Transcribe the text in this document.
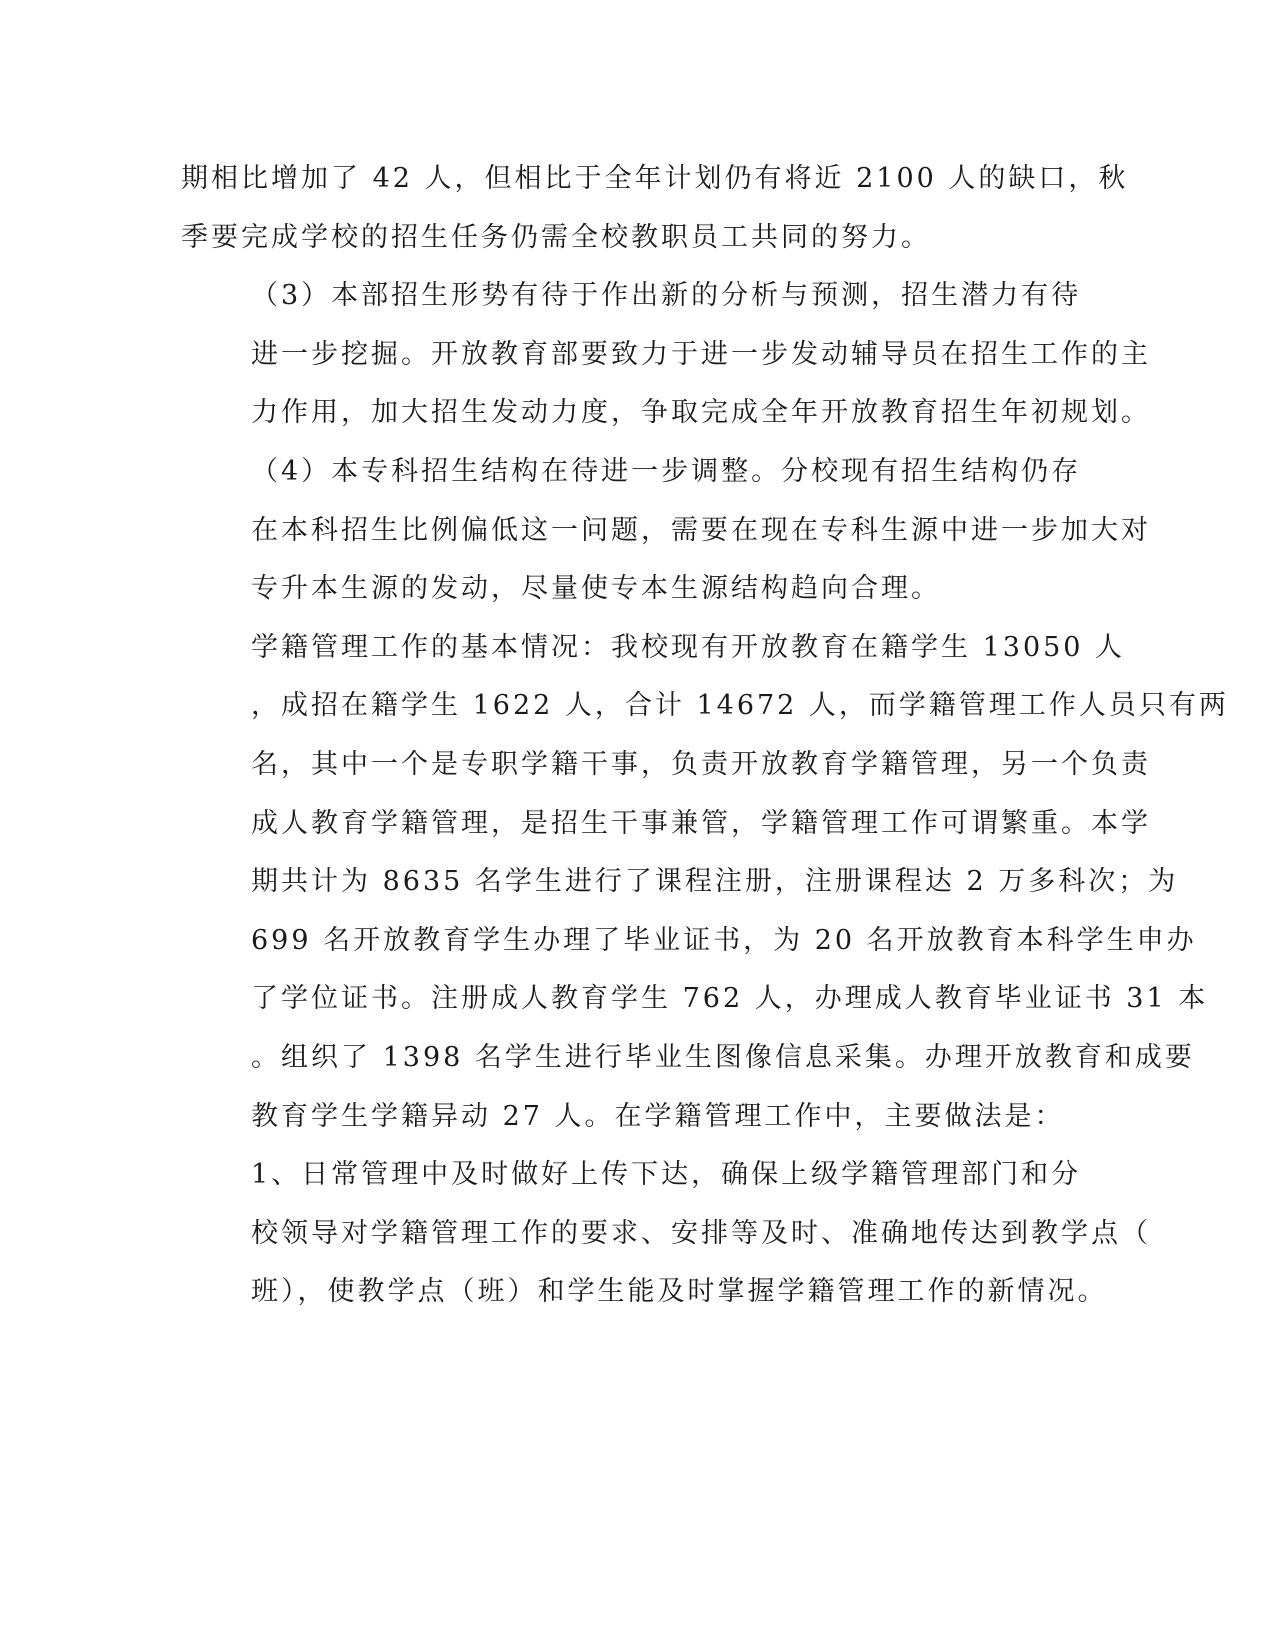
期相比增加了 42 人，但相比于全年计划仍有将近 2100 人的缺口，秋
季要完成学校的招生任务仍需全校教职员工共同的努力。

（3）本部招生形势有待于作出新的分析与预测，招生潜力有待
进一步挖掘。开放教育部要致力于进一步发动辅导员在招生工作的主
力作用，加大招生发动力度，争取完成全年开放教育招生年初规划。

（4）本专科招生结构在待进一步调整。分校现有招生结构仍存
在本科招生比例偏低这一问题，需要在现在专科生源中进一步加大对
专升本生源的发动，尽量使专本生源结构趋向合理。

学籍管理工作的基本情况：我校现有开放教育在籍学生 13050 人
，成招在籍学生 1622 人，合计 14672 人，而学籍管理工作人员只有两
名，其中一个是专职学籍干事，负责开放教育学籍管理，另一个负责
成人教育学籍管理，是招生干事兼管，学籍管理工作可谓繁重。本学
期共计为 8635 名学生进行了课程注册，注册课程达 2 万多科次；为
699 名开放教育学生办理了毕业证书，为 20 名开放教育本科学生申办
了学位证书。注册成人教育学生 762 人，办理成人教育毕业证书 31 本
。组织了 1398 名学生进行毕业生图像信息采集。办理开放教育和成要
教育学生学籍异动 27 人。在学籍管理工作中，主要做法是：

1、日常管理中及时做好上传下达，确保上级学籍管理部门和分
校领导对学籍管理工作的要求、安排等及时、准确地传达到教学点（
班），使教学点（班）和学生能及时掌握学籍管理工作的新情况。
